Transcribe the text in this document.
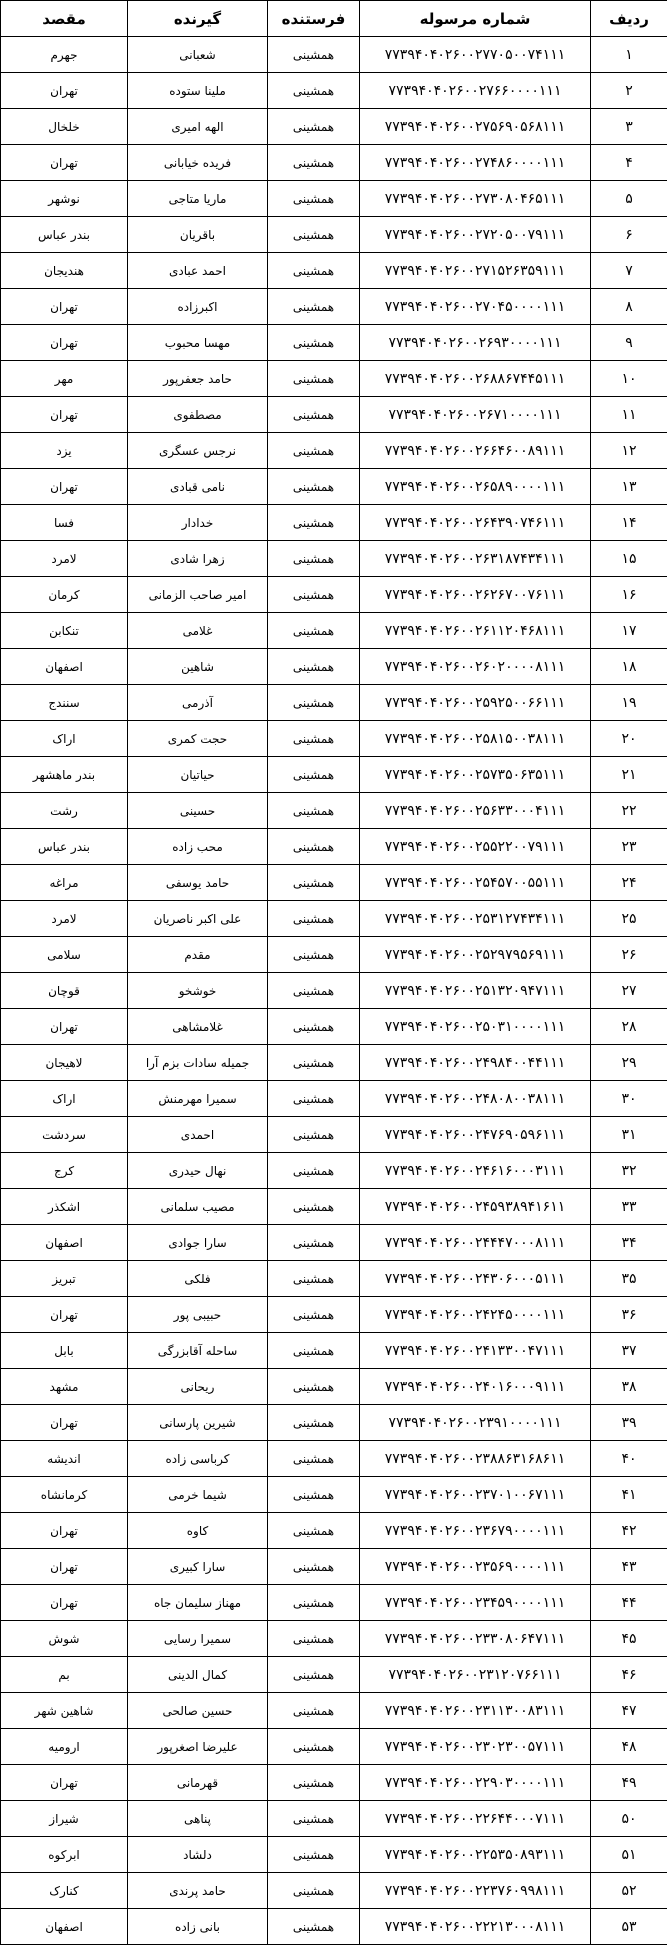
ردیف	شماره مرسوله	فرستنده	گیرنده	مقصد
۱	۷۷۳۹۴۰۴۰۲۶۰۰۲۷۷۰۵۰۰۷۴۱۱۱	همشینی	شعبانی	جهرم
۲	۷۷۳۹۴۰۴۰۲۶۰۰۲۷۶۶۰۰۰۰۱۱۱	همشینی	ملینا ستوده	تهران
۳	۷۷۳۹۴۰۴۰۲۶۰۰۲۷۵۶۹۰۵۶۸۱۱۱	همشینی	الهه امیری	خلخال
۴	۷۷۳۹۴۰۴۰۲۶۰۰۲۷۴۸۶۰۰۰۰۱۱۱	همشینی	فریده خیابانی	تهران
۵	۷۷۳۹۴۰۴۰۲۶۰۰۲۷۳۰۸۰۴۶۵۱۱۱	همشینی	ماریا متاجی	نوشهر
۶	۷۷۳۹۴۰۴۰۲۶۰۰۲۷۲۰۵۰۰۷۹۱۱۱	همشینی	باقریان	بندر عباس
۷	۷۷۳۹۴۰۴۰۲۶۰۰۲۷۱۵۲۶۳۵۹۱۱۱	همشینی	احمد عبادی	هندیجان
۸	۷۷۳۹۴۰۴۰۲۶۰۰۲۷۰۴۵۰۰۰۰۱۱۱	همشینی	اکبرزاده	تهران
۹	۷۷۳۹۴۰۴۰۲۶۰۰۲۶۹۳۰۰۰۰۱۱۱	همشینی	مهسا محبوب	تهران
۱۰	۷۷۳۹۴۰۴۰۲۶۰۰۲۶۸۸۶۷۴۴۵۱۱۱	همشینی	حامد جعفرپور	مهر
۱۱	۷۷۳۹۴۰۴۰۲۶۰۰۲۶۷۱۰۰۰۰۱۱۱	همشینی	مصطفوی	تهران
۱۲	۷۷۳۹۴۰۴۰۲۶۰۰۲۶۶۴۶۰۰۸۹۱۱۱	همشینی	نرجس عسگری	یزد
۱۳	۷۷۳۹۴۰۴۰۲۶۰۰۲۶۵۸۹۰۰۰۰۱۱۱	همشینی	نامی قبادی	تهران
۱۴	۷۷۳۹۴۰۴۰۲۶۰۰۲۶۴۳۹۰۷۴۶۱۱۱	همشینی	خدادار	فسا
۱۵	۷۷۳۹۴۰۴۰۲۶۰۰۲۶۳۱۸۷۴۳۴۱۱۱	همشینی	زهرا شادی	لامرد
۱۶	۷۷۳۹۴۰۴۰۲۶۰۰۲۶۲۶۷۰۰۷۶۱۱۱	همشینی	امیر صاحب الزمانی	کرمان
۱۷	۷۷۳۹۴۰۴۰۲۶۰۰۲۶۱۱۲۰۴۶۸۱۱۱	همشینی	غلامی	تنکابن
۱۸	۷۷۳۹۴۰۴۰۲۶۰۰۲۶۰۲۰۰۰۰۸۱۱۱	همشینی	شاهین	اصفهان
۱۹	۷۷۳۹۴۰۴۰۲۶۰۰۲۵۹۲۵۰۰۶۶۱۱۱	همشینی	آذرمی	سنندج
۲۰	۷۷۳۹۴۰۴۰۲۶۰۰۲۵۸۱۵۰۰۳۸۱۱۱	همشینی	حجت کمری	اراک
۲۱	۷۷۳۹۴۰۴۰۲۶۰۰۲۵۷۳۵۰۶۳۵۱۱۱	همشینی	حیاتیان	بندر ماهشهر
۲۲	۷۷۳۹۴۰۴۰۲۶۰۰۲۵۶۳۳۰۰۰۴۱۱۱	همشینی	حسینی	رشت
۲۳	۷۷۳۹۴۰۴۰۲۶۰۰۲۵۵۲۲۰۰۷۹۱۱۱	همشینی	محب زاده	بندر عباس
۲۴	۷۷۳۹۴۰۴۰۲۶۰۰۲۵۴۵۷۰۰۵۵۱۱۱	همشینی	حامد یوسفی	مراغه
۲۵	۷۷۳۹۴۰۴۰۲۶۰۰۲۵۳۱۲۷۴۳۴۱۱۱	همشینی	علی اکبر ناصریان	لامرد
۲۶	۷۷۳۹۴۰۴۰۲۶۰۰۲۵۲۹۷۹۵۶۹۱۱۱	همشینی	مقدم	سلامی
۲۷	۷۷۳۹۴۰۴۰۲۶۰۰۲۵۱۳۲۰۹۴۷۱۱۱	همشینی	خوشخو	قوچان
۲۸	۷۷۳۹۴۰۴۰۲۶۰۰۲۵۰۳۱۰۰۰۰۱۱۱	همشینی	غلامشاهی	تهران
۲۹	۷۷۳۹۴۰۴۰۲۶۰۰۲۴۹۸۴۰۰۴۴۱۱۱	همشینی	جمیله سادات بزم آرا	لاهیجان
۳۰	۷۷۳۹۴۰۴۰۲۶۰۰۲۴۸۰۸۰۰۳۸۱۱۱	همشینی	سمیرا مهرمنش	اراک
۳۱	۷۷۳۹۴۰۴۰۲۶۰۰۲۴۷۶۹۰۵۹۶۱۱۱	همشینی	احمدی	سردشت
۳۲	۷۷۳۹۴۰۴۰۲۶۰۰۲۴۶۱۶۰۰۰۳۱۱۱	همشینی	نهال حیدری	کرج
۳۳	۷۷۳۹۴۰۴۰۲۶۰۰۲۴۵۹۳۸۹۴۱۶۱۱	همشینی	مصیب سلمانی	اشکذر
۳۴	۷۷۳۹۴۰۴۰۲۶۰۰۲۴۴۴۷۰۰۰۸۱۱۱	همشینی	سارا جوادی	اصفهان
۳۵	۷۷۳۹۴۰۴۰۲۶۰۰۲۴۳۰۶۰۰۰۵۱۱۱	همشینی	فلکی	تبریز
۳۶	۷۷۳۹۴۰۴۰۲۶۰۰۲۴۲۴۵۰۰۰۰۱۱۱	همشینی	حبیبی پور	تهران
۳۷	۷۷۳۹۴۰۴۰۲۶۰۰۲۴۱۳۳۰۰۴۷۱۱۱	همشینی	ساحله آقابزرگی	بابل
۳۸	۷۷۳۹۴۰۴۰۲۶۰۰۲۴۰۱۶۰۰۰۹۱۱۱	همشینی	ریحانی	مشهد
۳۹	۷۷۳۹۴۰۴۰۲۶۰۰۲۳۹۱۰۰۰۰۱۱۱	همشینی	شیرین پارسانی	تهران
۴۰	۷۷۳۹۴۰۴۰۲۶۰۰۲۳۸۸۶۳۱۶۸۶۱۱	همشینی	کرباسی زاده	اندیشه
۴۱	۷۷۳۹۴۰۴۰۲۶۰۰۲۳۷۰۱۰۰۶۷۱۱۱	همشینی	شیما خرمی	کرمانشاه
۴۲	۷۷۳۹۴۰۴۰۲۶۰۰۲۳۶۷۹۰۰۰۰۱۱۱	همشینی	کاوه	تهران
۴۳	۷۷۳۹۴۰۴۰۲۶۰۰۲۳۵۶۹۰۰۰۰۱۱۱	همشینی	سارا کبیری	تهران
۴۴	۷۷۳۹۴۰۴۰۲۶۰۰۲۳۴۵۹۰۰۰۰۱۱۱	همشینی	مهناز سلیمان جاه	تهران
۴۵	۷۷۳۹۴۰۴۰۲۶۰۰۲۳۳۰۸۰۶۴۷۱۱۱	همشینی	سمیرا رسایی	شوش
۴۶	۷۷۳۹۴۰۴۰۲۶۰۰۲۳۱۲۰۷۶۶۱۱۱	همشینی	کمال الدینی	بم
۴۷	۷۷۳۹۴۰۴۰۲۶۰۰۲۳۱۱۳۰۰۸۳۱۱۱	همشینی	حسین صالحی	شاهین شهر
۴۸	۷۷۳۹۴۰۴۰۲۶۰۰۲۳۰۲۳۰۰۵۷۱۱۱	همشینی	علیرضا اصغرپور	ارومیه
۴۹	۷۷۳۹۴۰۴۰۲۶۰۰۲۲۹۰۳۰۰۰۰۱۱۱	همشینی	قهرمانی	تهران
۵۰	۷۷۳۹۴۰۴۰۲۶۰۰۲۲۶۴۴۰۰۰۷۱۱۱	همشینی	پناهی	شیراز
۵۱	۷۷۳۹۴۰۴۰۲۶۰۰۲۲۵۳۵۰۸۹۳۱۱۱	همشینی	دلشاد	ابرکوه
۵۲	۷۷۳۹۴۰۴۰۲۶۰۰۲۲۳۷۶۰۹۹۸۱۱۱	همشینی	حامد پرندی	کنارک
۵۳	۷۷۳۹۴۰۴۰۲۶۰۰۲۲۲۱۳۰۰۰۸۱۱۱	همشینی	بانی زاده	اصفهان
